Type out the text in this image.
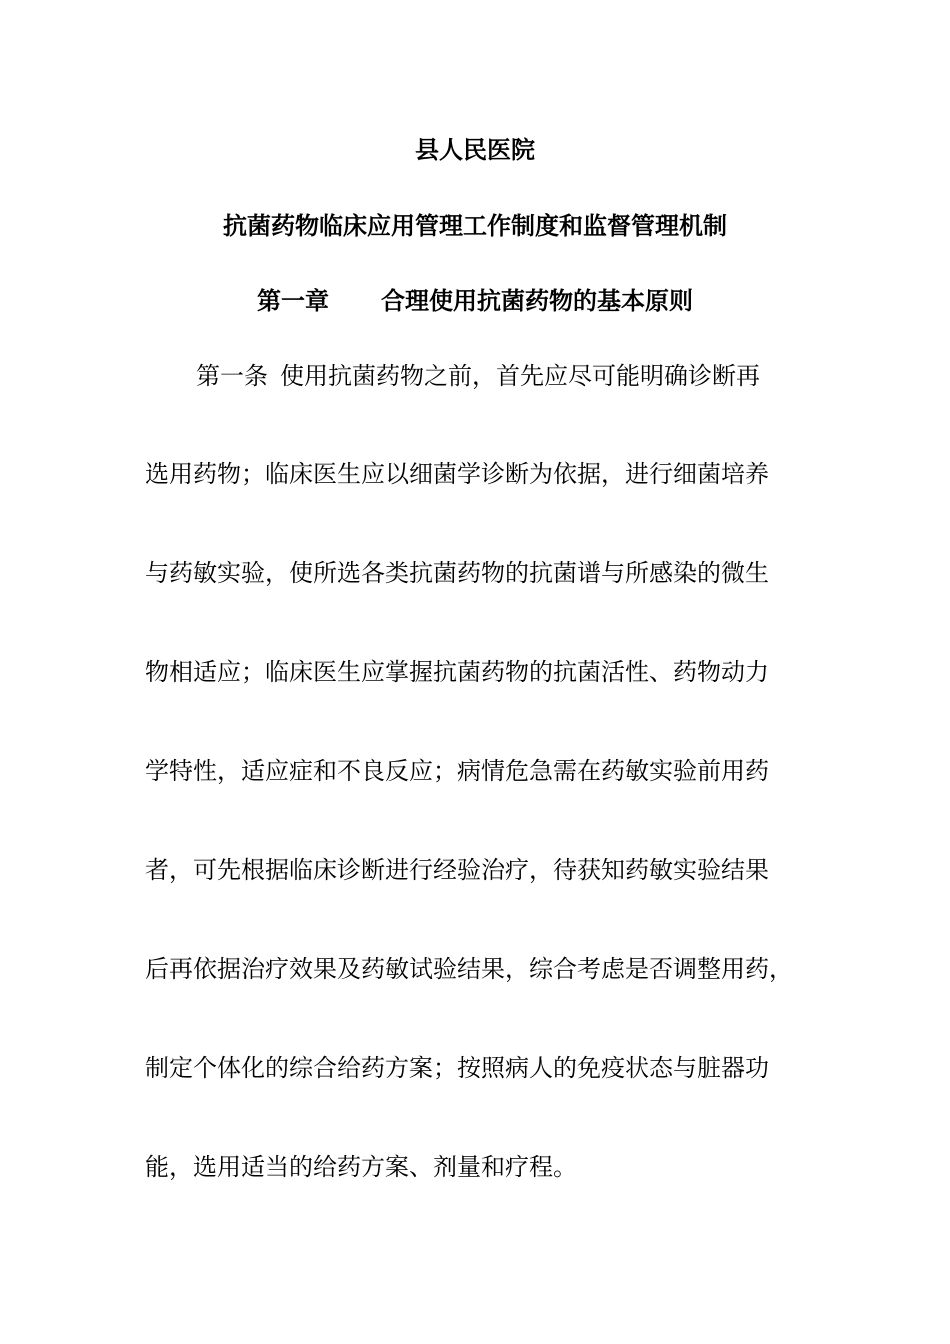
县人民医院
抗菌药物临床应用管理工作制度和监督管理机制
第一章 合理使用抗菌药物的基本原则
第一条 使用抗菌药物之前，首先应尽可能明确诊断再
选用药物；临床医生应以细菌学诊断为依据，进行细菌培养
与药敏实验，使所选各类抗菌药物的抗菌谱与所感染的微生
物相适应；临床医生应掌握抗菌药物的抗菌活性、药物动力
学特性，适应症和不良反应；病情危急需在药敏实验前用药
者，可先根据临床诊断进行经验治疗，待获知药敏实验结果
后再依据治疗效果及药敏试验结果，综合考虑是否调整用药，
制定个体化的综合给药方案；按照病人的免疫状态与脏器功
能，选用适当的给药方案、剂量和疗程。
